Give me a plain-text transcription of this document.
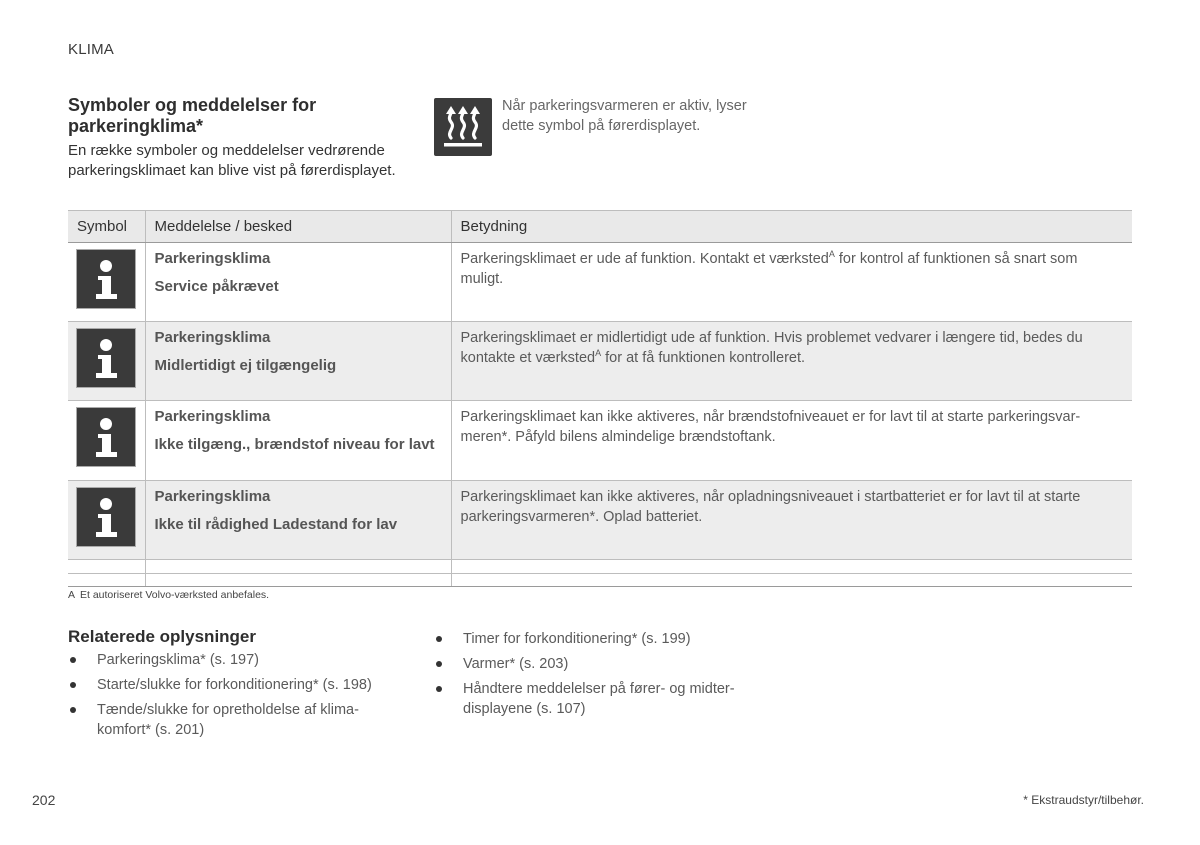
KLIMA
Symboler og meddelelser for parkeringklima*
En række symboler og meddelelser vedrørende parkeringsklimaet kan blive vist på førerdisplayet.
Når parkeringsvarmeren er aktiv, lyser dette symbol på førerdisplayet.
Symbol	Meddelelse / besked	Betydning

	Parkeringsklima
Service påkrævet	Parkeringsklimaet er ude af funktion. Kontakt et værksted$^A$ for kontrol af funktionen så snart som muligt.

	Parkeringsklima
Midlertidigt ej tilgængelig	Parkeringsklimaet er midlertidigt ude af funktion. Hvis problemet vedvarer i længere tid, bedes du kontakte et værksted$^A$ for at få funktionen kontrolleret.

	Parkeringsklima
Ikke tilgæng., brændstof niveau for lavt	Parkeringsklimaet kan ikke aktiveres, når brændstofniveauet er for lavt til at starte parkeringsvarmeren*. Påfyld bilens almindelige brændstoftank.

	Parkeringsklima
Ikke til rådighed Ladestand for lav	Parkeringsklimaet kan ikke aktiveres, når opladningsniveauet i startbatteriet er for lavt til at starte parkeringsvarmeren*. Oplad batteriet.

A Et autoriseret Volvo-værksted anbefales.
Relaterede oplysninger
Parkeringsklima* (s. 197)
Starte/slukke for forkonditionering* (s. 198)
Tænde/slukke for opretholdelse af klimakomfort* (s. 201)
Timer for forkonditionering* (s. 199)
Varmer* (s. 203)
Håndtere meddelelser på fører- og midterdisplayene (s. 107)
202	* Ekstraudstyr/tilbehør.
